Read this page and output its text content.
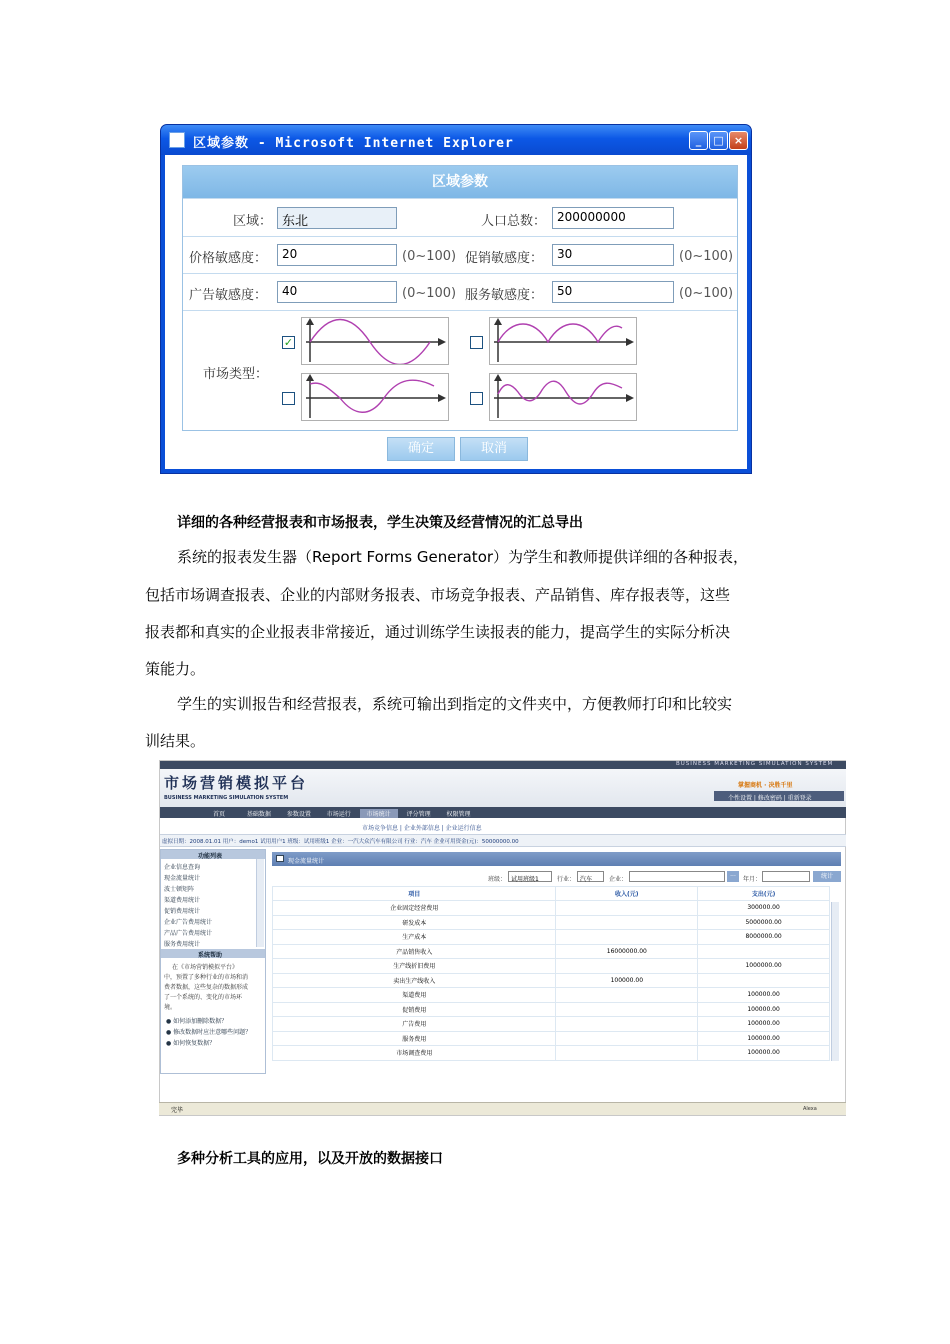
区域参数 - Microsoft Internet Explorer	_	□ ×
区域参数
区域： 东北	人口总数： 200000000
价格敏感度：	20	(0~100) 促销敏感度：	30	(0~100)
广告敏感度：	40	(0~100) 服务敏感度：	50	(0~100)
市场类型：
✓
确定	取消
详细的各种经营报表和市场报表，学生决策及经营情况的汇总导出
系统的报表发生器（Report Forms Generator）为学生和教师提供详细的各种报表，
包括市场调查报表、企业的内部财务报表、市场竞争报表、产品销售、库存报表等，这些
报表都和真实的企业报表非常接近，通过训练学生读报表的能力，提高学生的实际分析决
策能力。
学生的实训报告和经营报表，系统可输出到指定的文件夹中，方便教师打印和比较实
训结果。
BUSINESS MARKETING SIMULATION SYSTEM
市场营销模拟平台
BUSINESS MARKETING SIMULATION SYSTEM
掌握商机 · 决胜千里
个性设置 | 修改密码 | 重新登录
首页	基础数据	参数设置	市场运行	市场统计	评分管理	权限管理
市场竞争信息 | 企业外部信息 | 企业运行信息
虚拟日期：2008.01.01 用户：demo1 试用用户1 班级：试用班级1 企业：一汽大众汽车有限公司 行业：汽车 企业可用资金(元)：50000000.00
功能列表
企业信息查询
现金流量统计
波士顿矩阵
渠道费用统计
促销费用统计
企业广告费用统计
产品广告费用统计
服务费用统计
系统帮助
在《市场营销模拟平台》
中，预置了多种行业的市场和消
费者数据，这些复杂的数据形成
了一个系统的、变化的市场环
境。
● 如何添加删除数据？
● 修改数据时应注意哪些问题？
● 如何恢复数据？
现金流量统计
班级： 试用班级1	行业： 汽车	企业：
...
年月：	统计
项目	收入(元)	支出(元)
企业固定经营费用		300000.00
研发成本		5000000.00
生产成本		8000000.00
产品销售收入	16000000.00	
生产线折旧费用		1000000.00
卖出生产线收入	100000.00	
渠道费用		100000.00
促销费用		100000.00
广告费用		100000.00
服务费用		100000.00
市场调查费用		100000.00
完毕	Alexa
多种分析工具的应用，以及开放的数据接口
